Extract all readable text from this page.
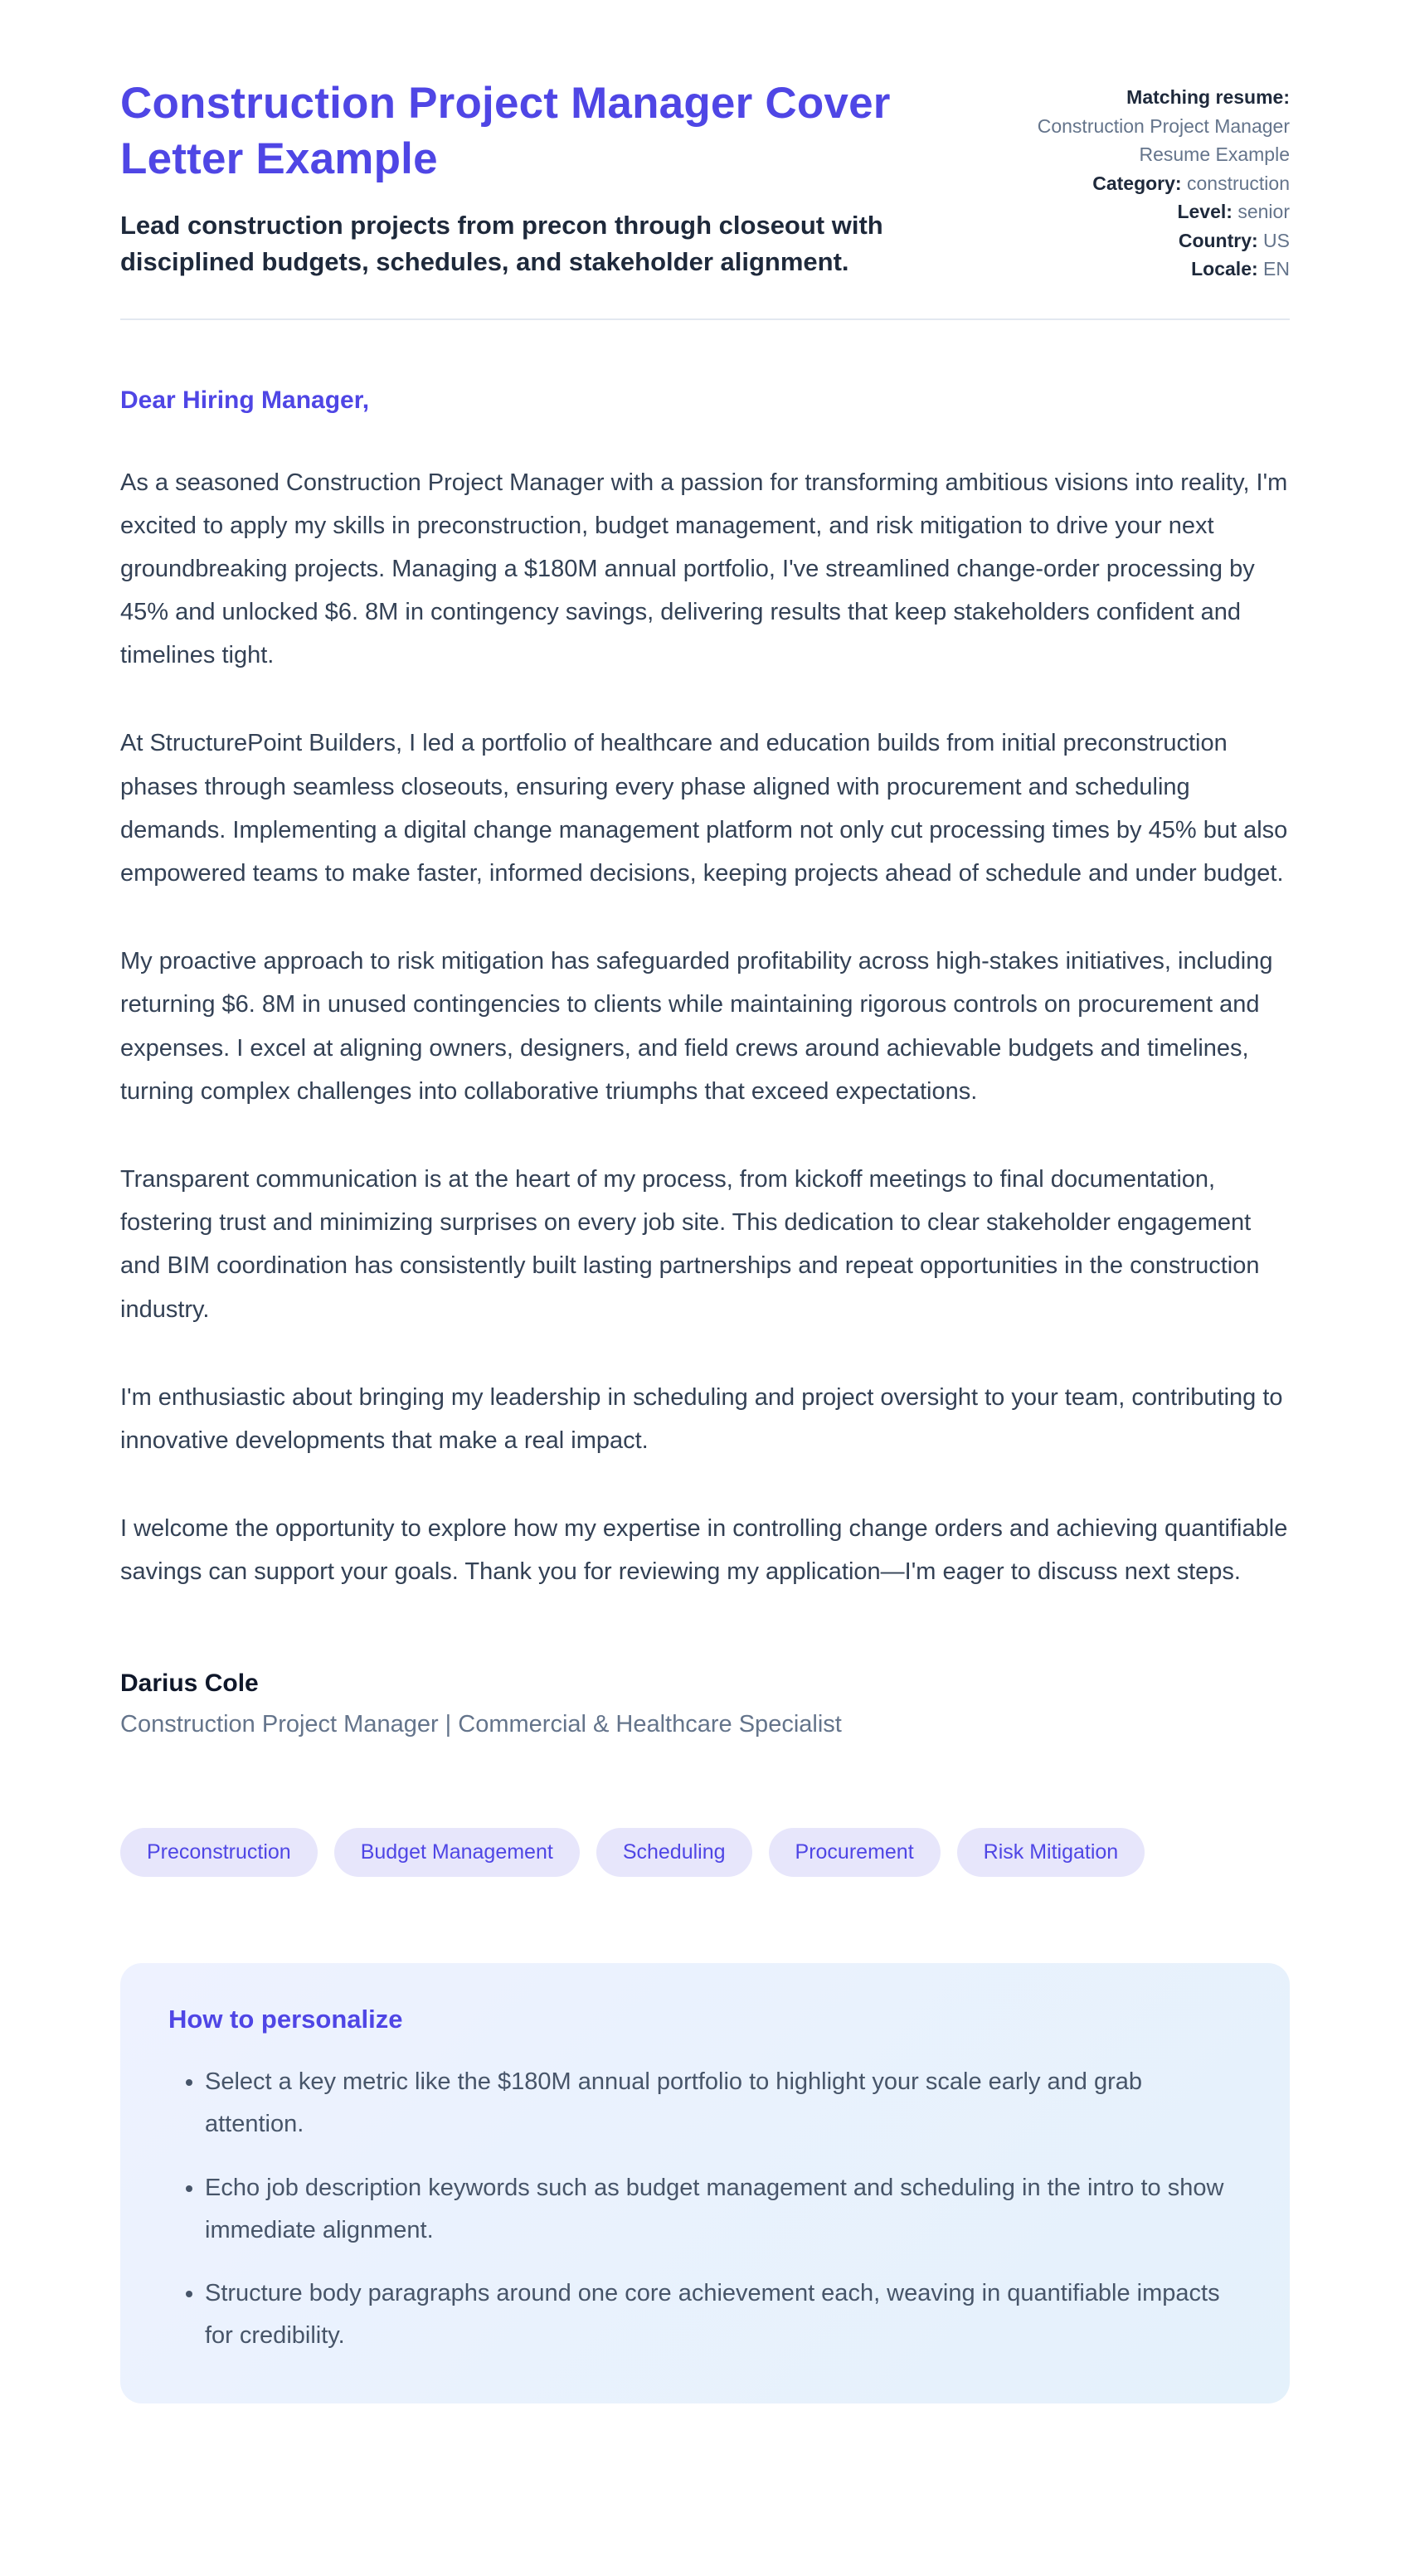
Construction Project Manager Cover Letter Example

Lead construction projects from precon through closeout with disciplined budgets, schedules, and stakeholder alignment.

Matching resume:
Construction Project Manager Resume Example
Category: construction
Level: senior
Country: US
Locale: EN

Dear Hiring Manager,

As a seasoned Construction Project Manager with a passion for transforming ambitious visions into reality, I'm excited to apply my skills in preconstruction, budget management, and risk mitigation to drive your next groundbreaking projects. Managing a $180M annual portfolio, I've streamlined change-order processing by 45% and unlocked $6. 8M in contingency savings, delivering results that keep stakeholders confident and timelines tight.

At StructurePoint Builders, I led a portfolio of healthcare and education builds from initial preconstruction phases through seamless closeouts, ensuring every phase aligned with procurement and scheduling demands. Implementing a digital change management platform not only cut processing times by 45% but also empowered teams to make faster, informed decisions, keeping projects ahead of schedule and under budget.

My proactive approach to risk mitigation has safeguarded profitability across high-stakes initiatives, including returning $6. 8M in unused contingencies to clients while maintaining rigorous controls on procurement and expenses. I excel at aligning owners, designers, and field crews around achievable budgets and timelines, turning complex challenges into collaborative triumphs that exceed expectations.

Transparent communication is at the heart of my process, from kickoff meetings to final documentation, fostering trust and minimizing surprises on every job site. This dedication to clear stakeholder engagement and BIM coordination has consistently built lasting partnerships and repeat opportunities in the construction industry.

I'm enthusiastic about bringing my leadership in scheduling and project oversight to your team, contributing to innovative developments that make a real impact.

I welcome the opportunity to explore how my expertise in controlling change orders and achieving quantifiable savings can support your goals. Thank you for reviewing my application—I'm eager to discuss next steps.

Darius Cole

Construction Project Manager | Commercial & Healthcare Specialist

Preconstruction	Budget Management	Scheduling	Procurement	Risk Mitigation
How to personalize
• Select a key metric like the $180M annual portfolio to highlight your scale early and grab attention.
• Echo job description keywords such as budget management and scheduling in the intro to show immediate alignment.
• Structure body paragraphs around one core achievement each, weaving in quantifiable impacts for credibility.
